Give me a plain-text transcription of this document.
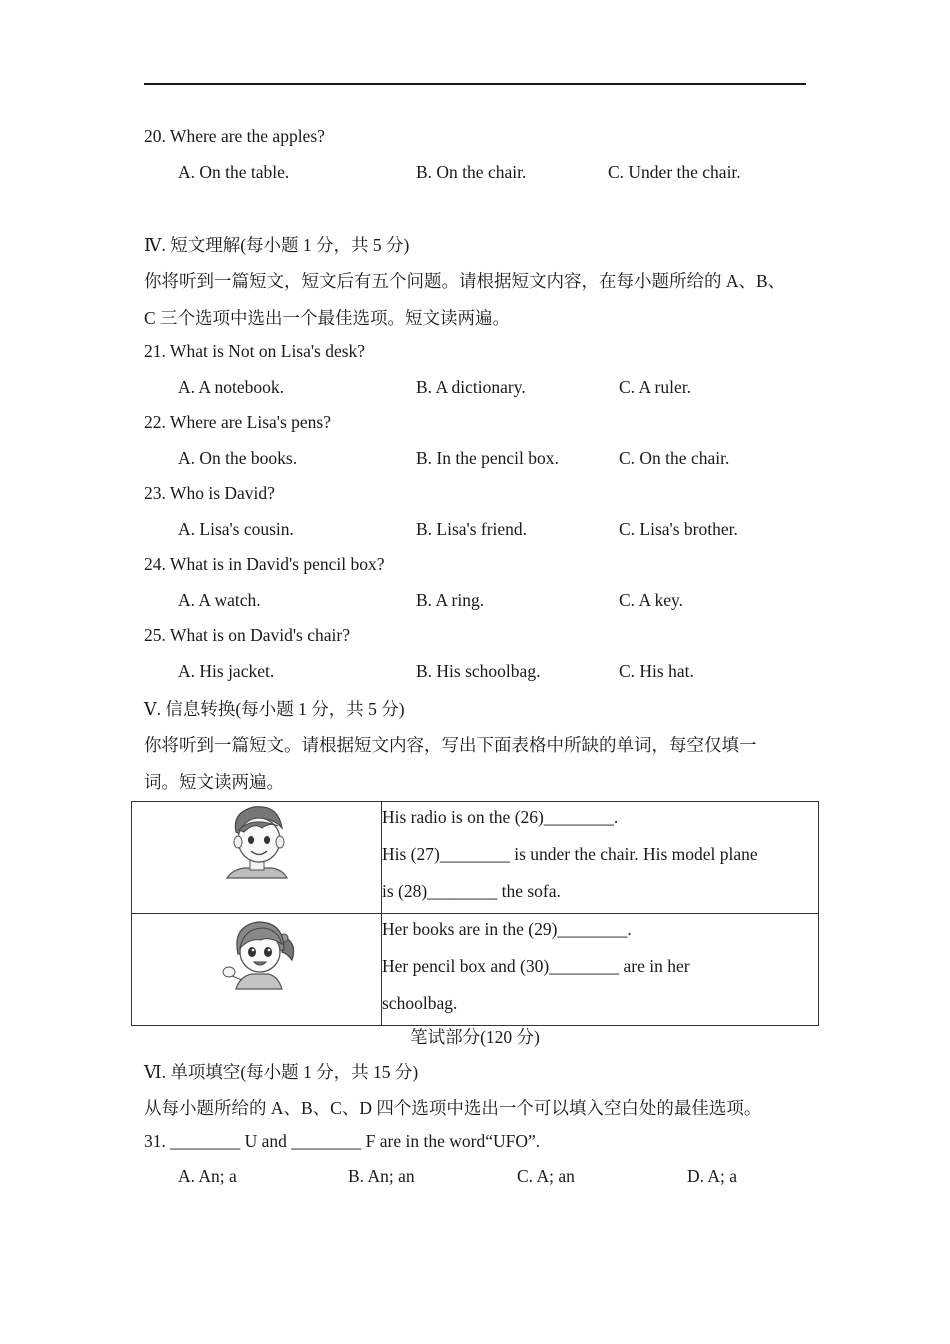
20. Where are the apples?
A. On the table.	B. On the chair.	C. Under the chair.
Ⅳ. 短文理解(每小题 1 分，共 5 分)
你将听到一篇短文，短文后有五个问题。请根据短文内容，在每小题所给的 A、B、
C 三个选项中选出一个最佳选项。短文读两遍。
21. What is Not on Lisa's desk?
A. A notebook.	B. A dictionary.	C. A ruler.
22. Where are Lisa's pens?
A. On the books.	B. In the pencil box.	C. On the chair.
23. Who is David?
A. Lisa's cousin.	B. Lisa's friend.	C. Lisa's brother.
24. What is in David's pencil box?
A. A watch.	B. A ring.	C. A key.
25. What is on David's chair?
A. His jacket.	B. His schoolbag.	C. His hat.
Ⅴ. 信息转换(每小题 1 分，共 5 分)
你将听到一篇短文。请根据短文内容，写出下面表格中所缺的单词，每空仅填一
词。短文读两遍。

His radio is on the (26)________.
His (27)________ is under the chair. His model plane
is (28)________ the sofa.

Her books are in the (29)________.
Her pencil box and (30)________ are in her
schoolbag.
笔试部分(120 分)
Ⅵ. 单项填空(每小题 1 分，共 15 分)
从每小题所给的 A、B、C、D 四个选项中选出一个可以填入空白处的最佳选项。
31. ________ U and ________ F are in the word“UFO”.
A. An; a	B. An; an	C. A; an	D. A; a
